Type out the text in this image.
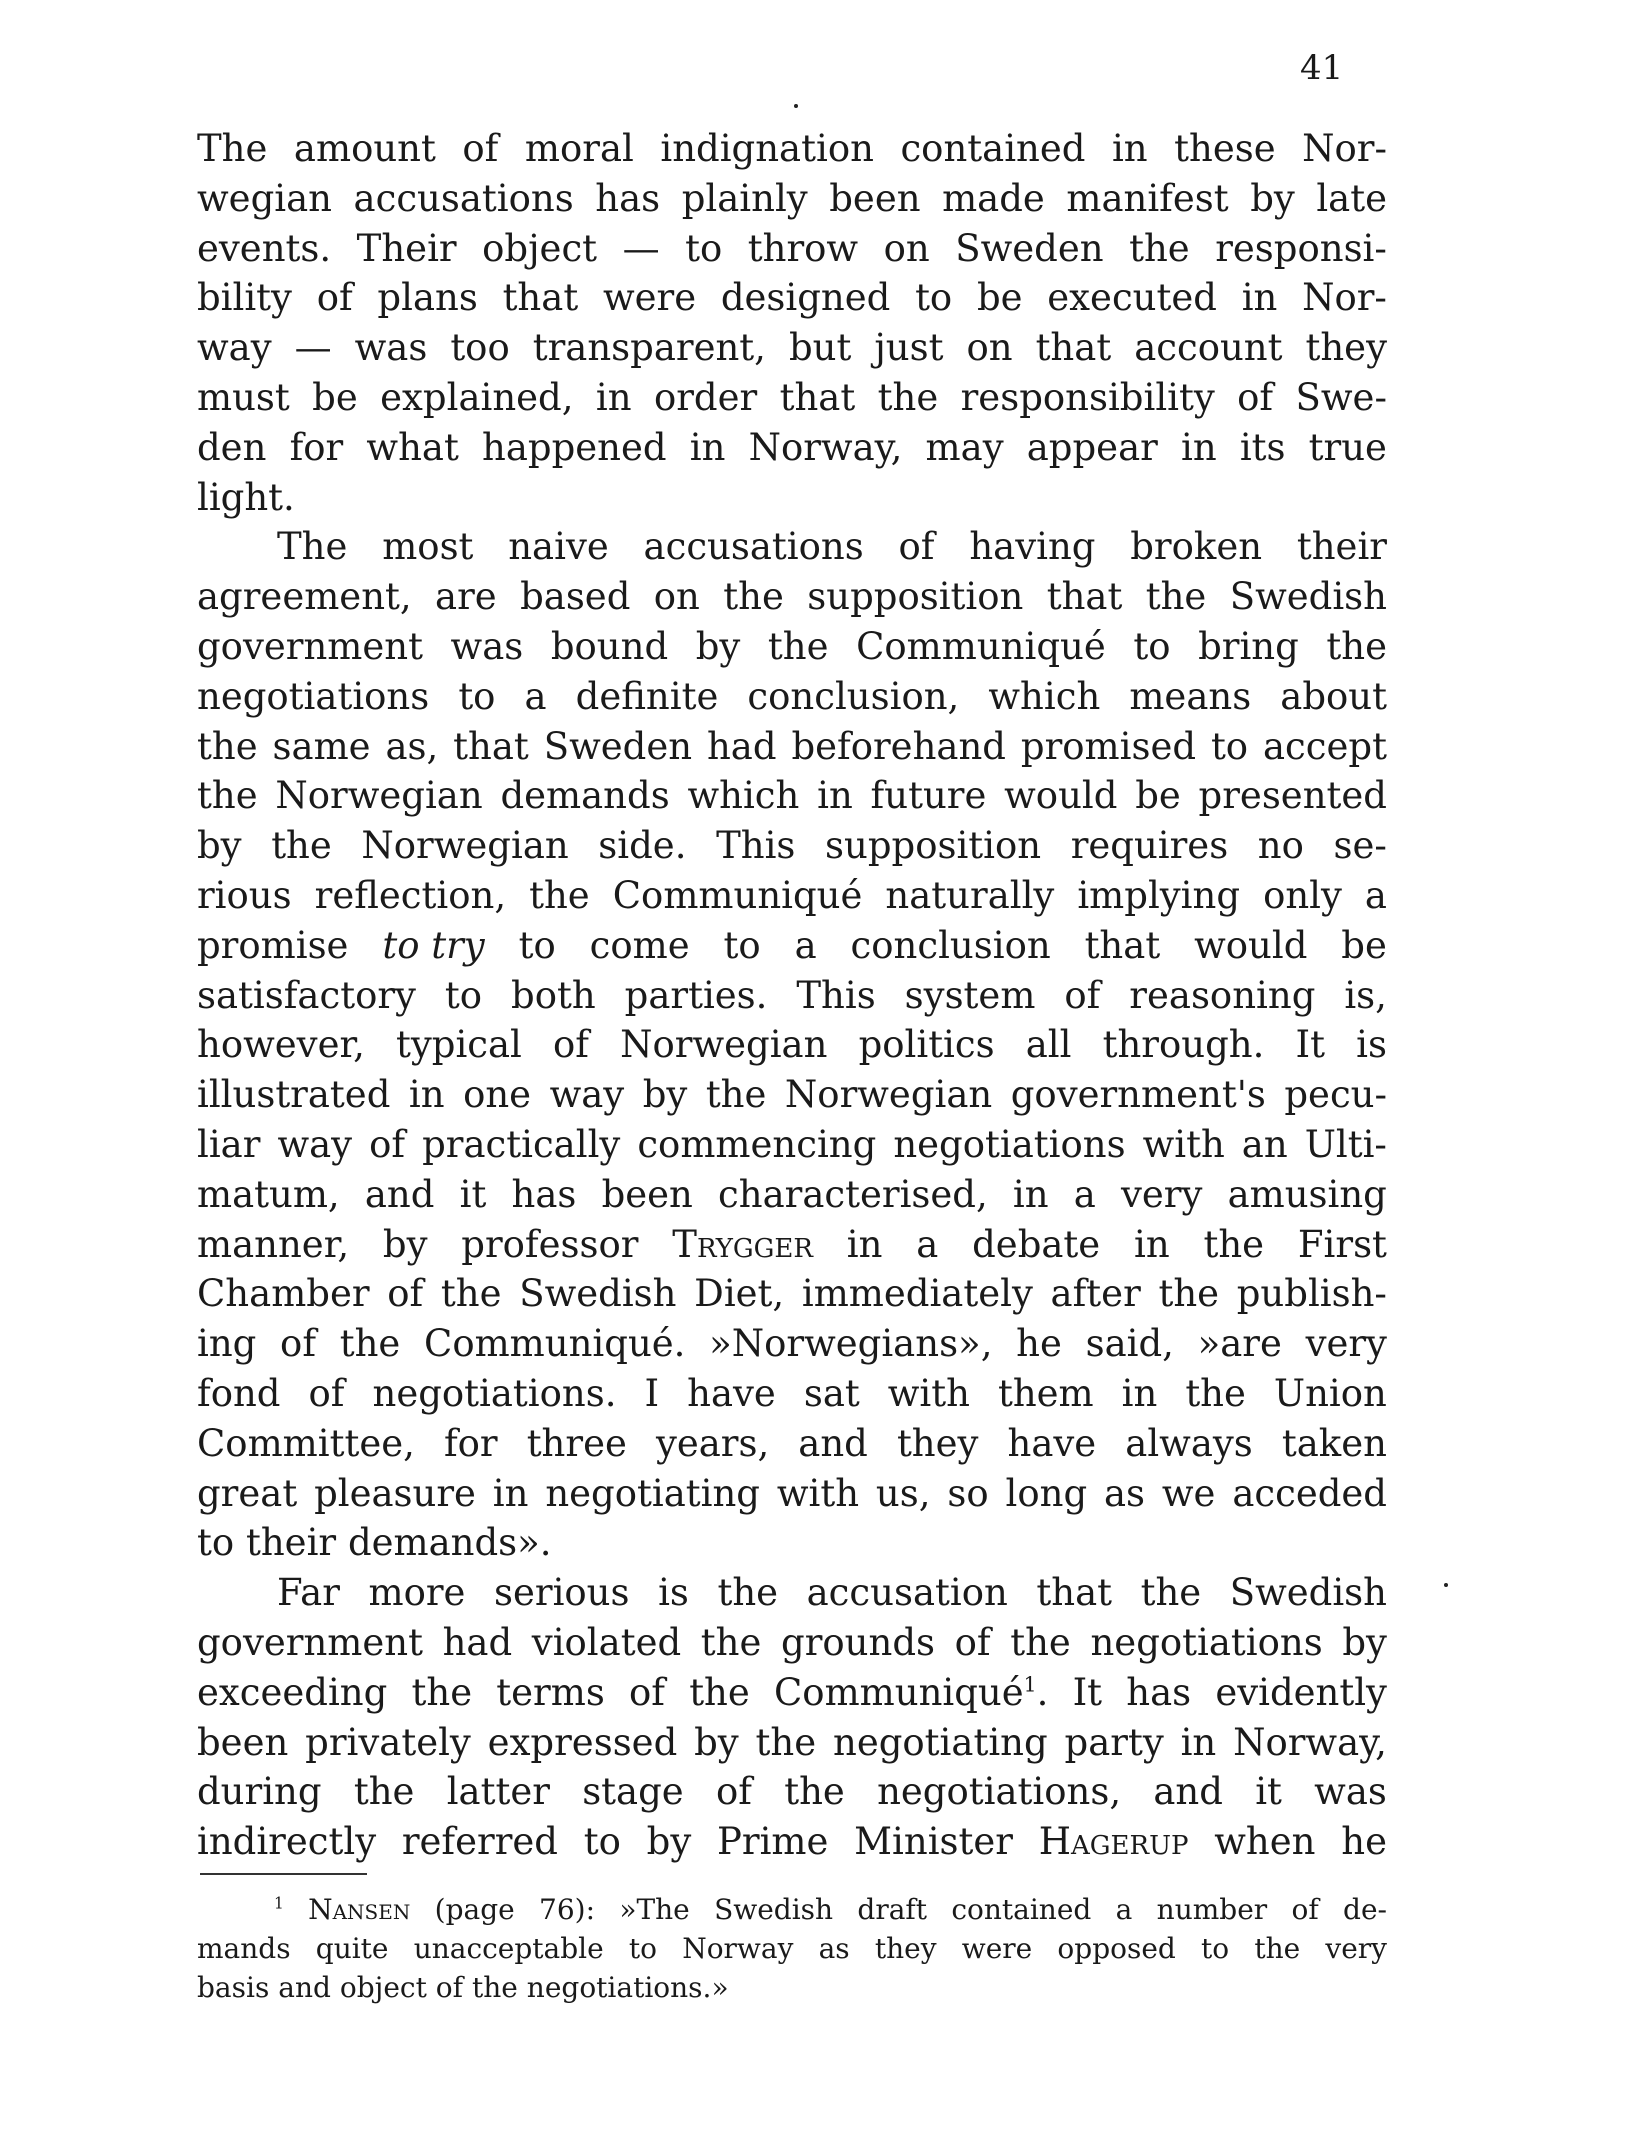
41
The amount of moral indignation contained in these Nor-
wegian accusations has plainly been made manifest by late
events. Their object — to throw on Sweden the responsi-
bility of plans that were designed to be executed in Nor-
way — was too transparent, but just on that account they
must be explained, in order that the responsibility of Swe-
den for what happened in Norway, may appear in its true
light.
The most naive accusations of having broken their
agreement, are based on the supposition that the Swedish
government was bound by the Communiqué to bring the
negotiations to a definite conclusion, which means about
the same as, that Sweden had beforehand promised to accept
the Norwegian demands which in future would be presented
by the Norwegian side. This supposition requires no se-
rious reflection, the Communiqué naturally implying only a
promise to try to come to a conclusion that would be
satisfactory to both parties. This system of reasoning is,
however, typical of Norwegian politics all through. It is
illustrated in one way by the Norwegian government's pecu-
liar way of practically commencing negotiations with an Ulti-
matum, and it has been characterised, in a very amusing
manner, by professor Trygger in a debate in the First
Chamber of the Swedish Diet, immediately after the publish-
ing of the Communiqué. »Norwegians», he said, »are very
fond of negotiations. I have sat with them in the Union
Committee, for three years, and they have always taken
great pleasure in negotiating with us, so long as we acceded
to their demands».
Far more serious is the accusation that the Swedish
government had violated the grounds of the negotiations by
exceeding the terms of the Communiqué$^1$. It has evidently
been privately expressed by the negotiating party in Norway,
during the latter stage of the negotiations, and it was
indirectly referred to by Prime Minister Hagerup when he
$^1$ Nansen (page 76): »The Swedish draft contained a number of de-
mands quite unacceptable to Norway as they were opposed to the very
basis and object of the negotiations.»
